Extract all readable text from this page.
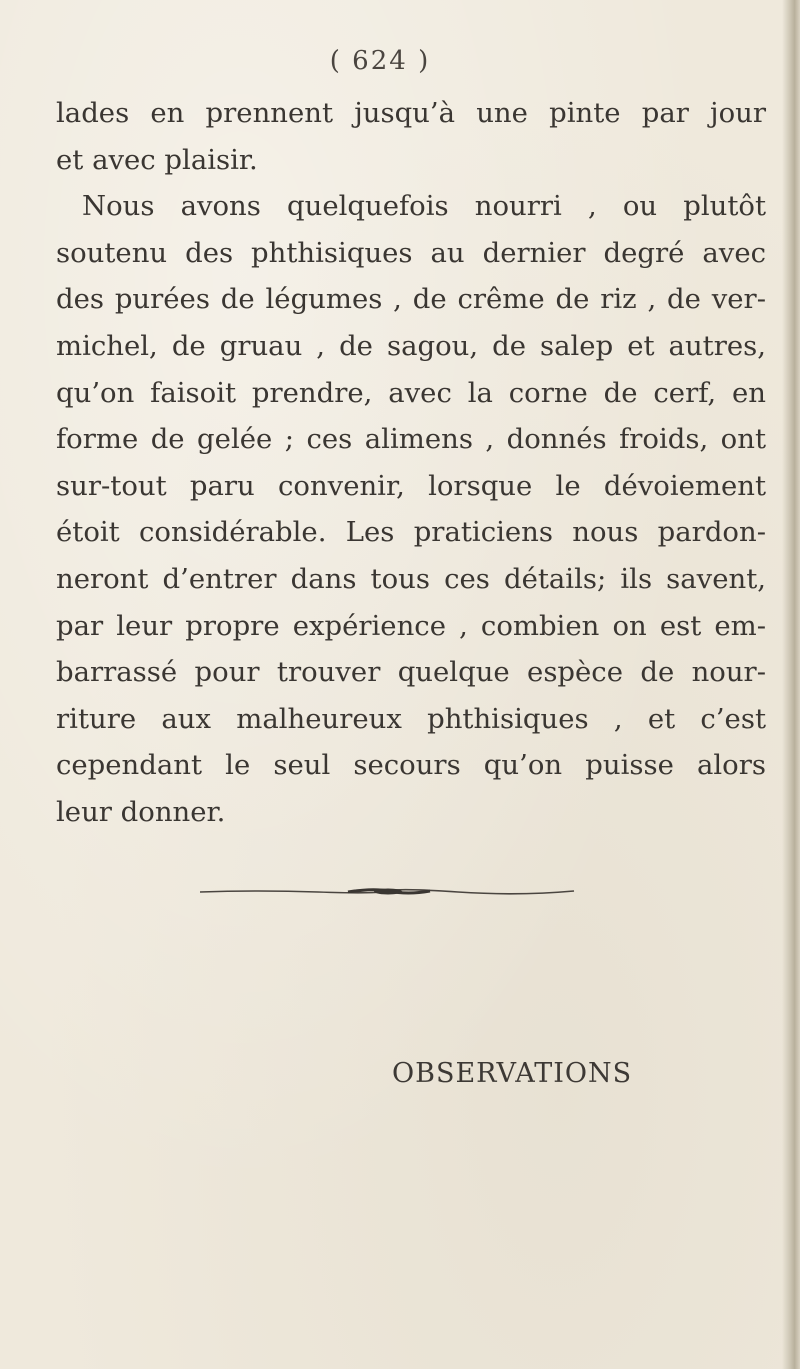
( 624 )
lades en prennent jusqu’à une pinte par jour
et avec plaisir.
Nous avons quelquefois nourri , ou plutôt
soutenu des phthisiques au dernier degré avec
des purées de légumes , de crême de riz , de ver-
michel, de gruau , de sagou, de salep et autres,
qu’on faisoit prendre, avec la corne de cerf, en
forme de gelée ; ces alimens , donnés froids, ont
sur-tout paru convenir, lorsque le dévoiement
étoit considérable. Les praticiens nous pardon-
neront d’entrer dans tous ces détails; ils savent,
par leur propre expérience , combien on est em-
barrassé pour trouver quelque espèce de nour-
riture aux malheureux phthisiques , et c’est
cependant le seul secours qu’on puisse alors
leur donner.
OBSERVATIONS
